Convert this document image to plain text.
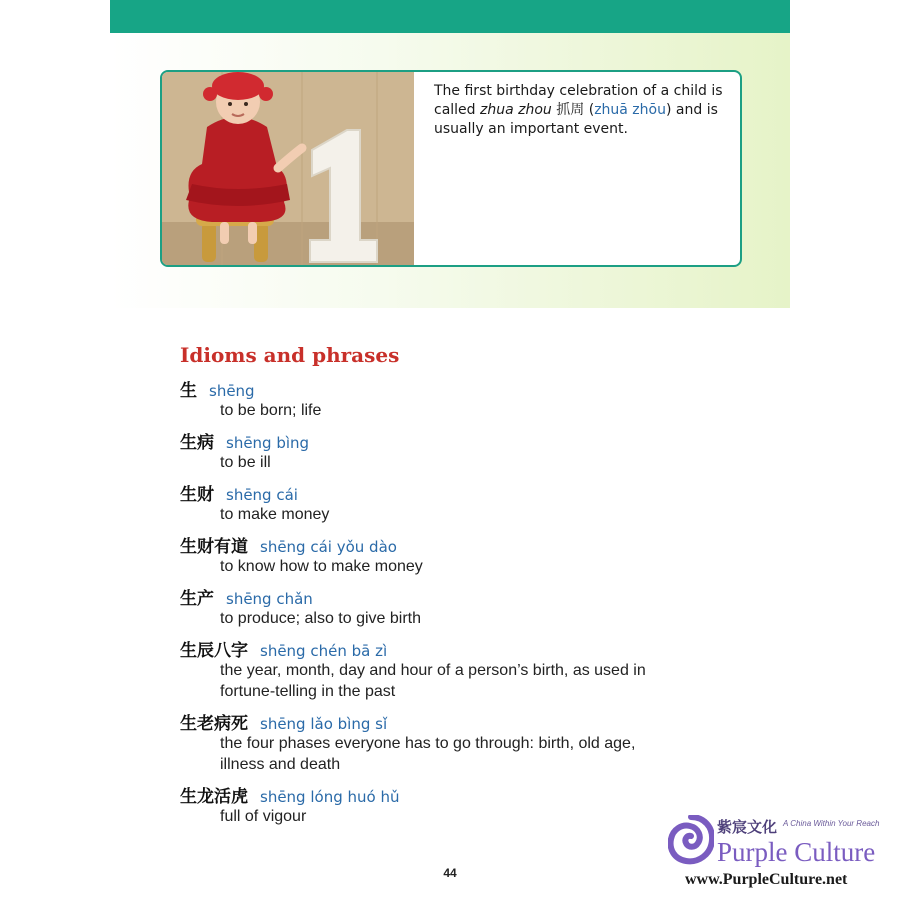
The first birthday celebration of a child is called zhua zhou 抓周 (zhuā zhōu) and is usually an important event.
Idioms and phrases
生 shēng
to be born; life
生病 shēng bìng
to be ill
生财 shēng cái
to make money
生财有道 shēng cái yǒu dào
to know how to make money
生产 shēng chǎn
to produce; also to give birth
生辰八字 shēng chén bā zì
the year, month, day and hour of a person’s birth, as used in
fortune-telling in the past
生老病死 shēng lǎo bìng sǐ
the four phases everyone has to go through: birth, old age,
illness and death
生龙活虎 shēng lóng huó hǔ
full of vigour
44
紫宸文化 A China Within Your Reach
Purple Culture
www.PurpleCulture.net
